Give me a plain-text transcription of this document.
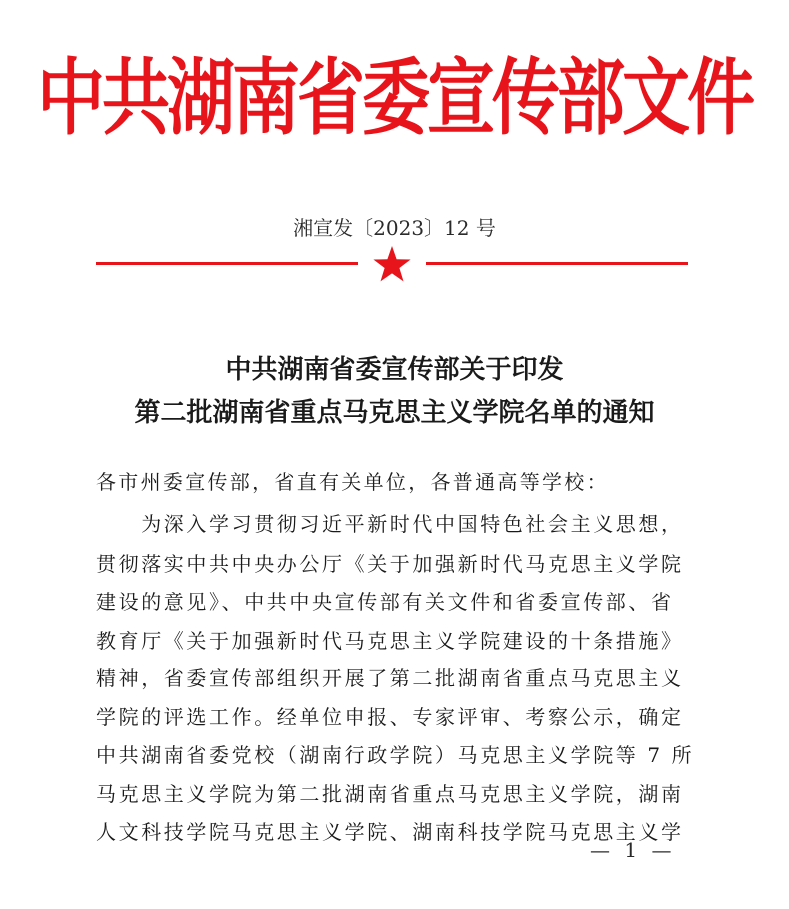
中共湖南省委宣传部文件
湘宣发〔2023〕12 号
中共湖南省委宣传部关于印发
第二批湖南省重点马克思主义学院名单的通知
各市州委宣传部，省直有关单位，各普通高等学校：
　　为深入学习贯彻习近平新时代中国特色社会主义思想，
贯彻落实中共中央办公厅《关于加强新时代马克思主义学院
建设的意见》、中共中央宣传部有关文件和省委宣传部、省
教育厅《关于加强新时代马克思主义学院建设的十条措施》
精神，省委宣传部组织开展了第二批湖南省重点马克思主义
学院的评选工作。经单位申报、专家评审、考察公示，确定
中共湖南省委党校（湖南行政学院）马克思主义学院等 7 所
马克思主义学院为第二批湖南省重点马克思主义学院，湖南
人文科技学院马克思主义学院、湖南科技学院马克思主义学
— 1 —
